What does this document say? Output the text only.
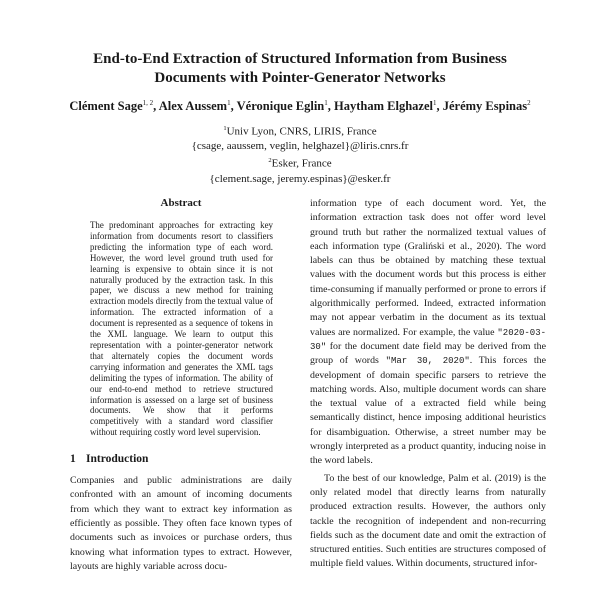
End-to-End Extraction of Structured Information from Business
Documents with Pointer-Generator Networks
Clément Sage$^{1, 2}$, Alex Aussem$^1$, Véronique Eglin$^1$, Haytham Elghazel$^1$, Jérémy Espinas$^2$
$^1$Univ Lyon, CNRS, LIRIS, France
{csage, aaussem, veglin, helghazel}@liris.cnrs.fr
$^2$Esker, France
{clement.sage, jeremy.espinas}@esker.fr
Abstract

The predominant approaches for extracting key information from documents resort to classifiers predicting the information type of each word. However, the word level ground truth used for learning is expensive to obtain since it is not naturally produced by the extraction task. In this paper, we discuss a new method for training extraction models directly from the textual value of information. The extracted information of a document is represented as a sequence of tokens in the XML language. We learn to output this representation with a pointer-generator network that alternately copies the document words carrying information and generates the XML tags delimiting the types of information. The ability of our end-to-end method to retrieve structured information is assessed on a large set of business documents. We show that it performs competitively with a standard word classifier without requiring costly word level supervision.

1 Introduction

Companies and public administrations are daily confronted with an amount of incoming documents from which they want to extract key information as efficiently as possible. They often face known types of documents such as invoices or purchase orders, thus knowing what information types to extract. However, layouts are highly variable across docu-

information type of each document word. Yet, the information extraction task does not offer word level ground truth but rather the normalized textual values of each information type (Graliński et al., 2020). The word labels can thus be obtained by matching these textual values with the document words but this process is either time-consuming if manually performed or prone to errors if algorithmically performed. Indeed, extracted information may not appear verbatim in the document as its textual values are normalized. For example, the value "2020-03-30" for the document date field may be derived from the group of words "Mar 30, 2020". This forces the development of domain specific parsers to retrieve the matching words. Also, multiple document words can share the textual value of a extracted field while being semantically distinct, hence imposing additional heuristics for disambiguation. Otherwise, a street number may be wrongly interpreted as a product quantity, inducing noise in the word labels.

To the best of our knowledge, Palm et al. (2019) is the only related model that directly learns from naturally produced extraction results. However, the authors only tackle the recognition of independent and non-recurring fields such as the document date and omit the extraction of structured entities. Such entities are structures composed of multiple field values. Within documents, structured infor-
